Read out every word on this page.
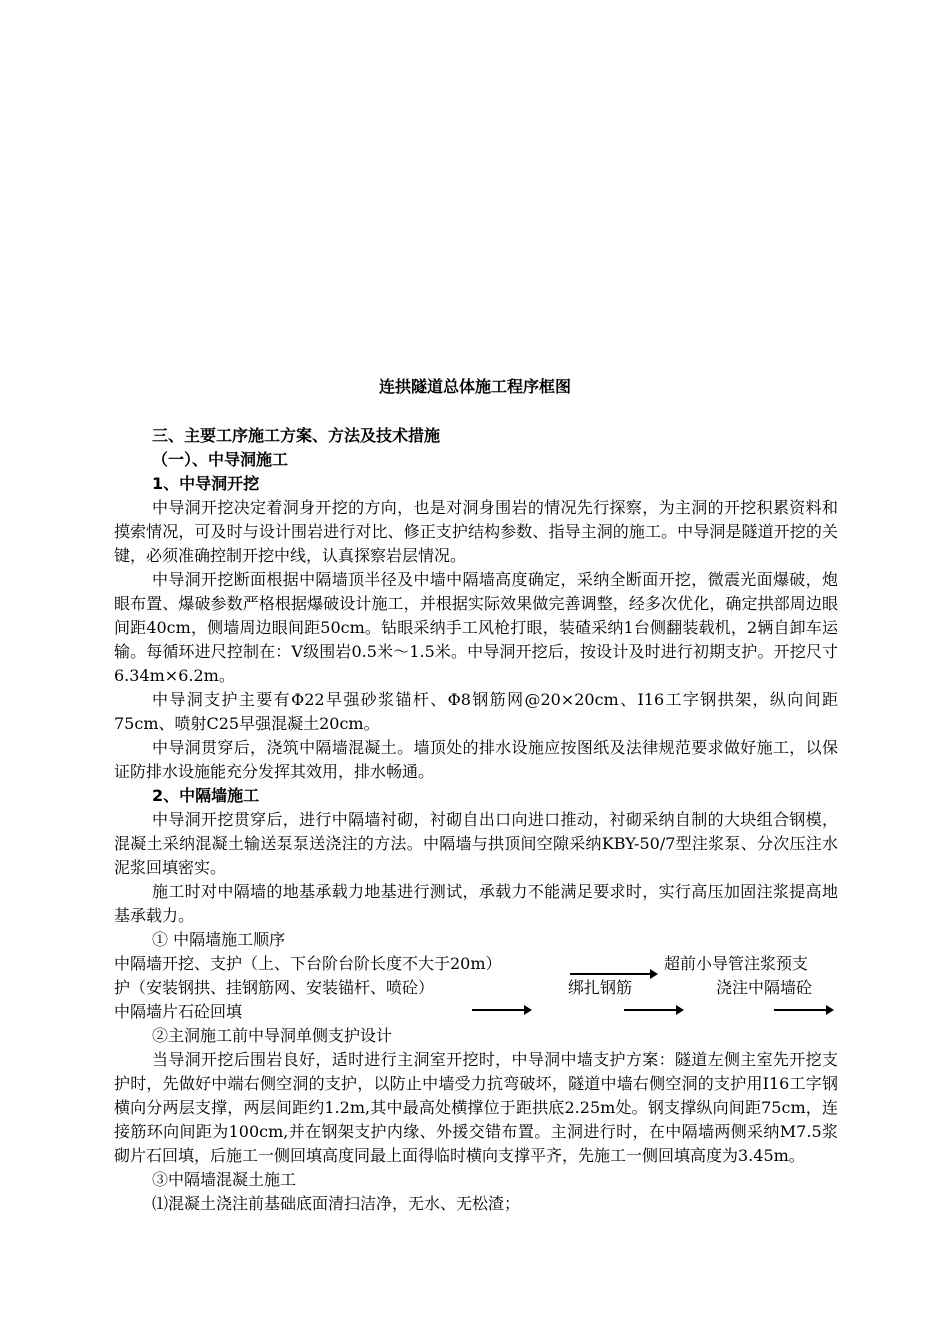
连拱隧道总体施工程序框图

三、主要工序施工方案、方法及技术措施

（一）、中导洞施工

1、中导洞开挖

中导洞开挖决定着洞身开挖的方向，也是对洞身围岩的情况先行探察，为主洞的开挖积累资料和摸索情况，可及时与设计围岩进行对比、修正支护结构参数、指导主洞的施工。中导洞是隧道开挖的关键，必须准确控制开挖中线，认真探察岩层情况。

中导洞开挖断面根据中隔墙顶半径及中墙中隔墙高度确定，采纳全断面开挖，微震光面爆破，炮眼布置、爆破参数严格根据爆破设计施工，并根据实际效果做完善调整，经多次优化，确定拱部周边眼间距40cm，侧墙周边眼间距50cm。钻眼采纳手工风枪打眼，装碴采纳1台侧翻装载机，2辆自卸车运输。每循环进尺控制在：Ⅴ级围岩0.5米～1.5米。中导洞开挖后，按设计及时进行初期支护。开挖尺寸6.34m×6.2m。

中导洞支护主要有Φ22早强砂浆锚杆、Φ8钢筋网@20×20cm、I16工字钢拱架，纵向间距75cm、喷射C25早强混凝土20cm。

中导洞贯穿后，浇筑中隔墙混凝土。墙顶处的排水设施应按图纸及法律规范要求做好施工，以保证防排水设施能充分发挥其效用，排水畅通。

2、中隔墙施工

中导洞开挖贯穿后，进行中隔墙衬砌，衬砌自出口向进口推动，衬砌采纳自制的大块组合钢模，混凝土采纳混凝土输送泵泵送浇注的方法。中隔墙与拱顶间空隙采纳KBY-50/7型注浆泵、分次压注水泥浆回填密实。

施工时对中隔墙的地基承载力地基进行测试，承载力不能满足要求时，实行高压加固注浆提高地基承载力。

① 中隔墙施工顺序

中隔墙开挖、支护（上、下台阶台阶长度不大于20m）	超前小导管注浆预支
护（安装钢拱、挂钢筋网、安装锚杆、喷砼）	绑扎钢筋	浇注中隔墙砼
中隔墙片石砼回填

②主洞施工前中导洞单侧支护设计

当导洞开挖后围岩良好，适时进行主洞室开挖时，中导洞中墙支护方案：隧道左侧主室先开挖支护时，先做好中端右侧空洞的支护，以防止中墙受力抗弯破坏，隧道中墙右侧空洞的支护用I16工字钢横向分两层支撑，两层间距约1.2m,其中最高处横撑位于距拱底2.25m处。钢支撑纵向间距75cm，连接筋环向间距为100cm,并在钢架支护内缘、外援交错布置。主洞进行时，在中隔墙两侧采纳M7.5浆砌片石回填，后施工一侧回填高度同最上面得临时横向支撑平齐，先施工一侧回填高度为3.45m。

③中隔墙混凝土施工

⑴混凝土浇注前基础底面清扫洁净，无水、无松渣；
